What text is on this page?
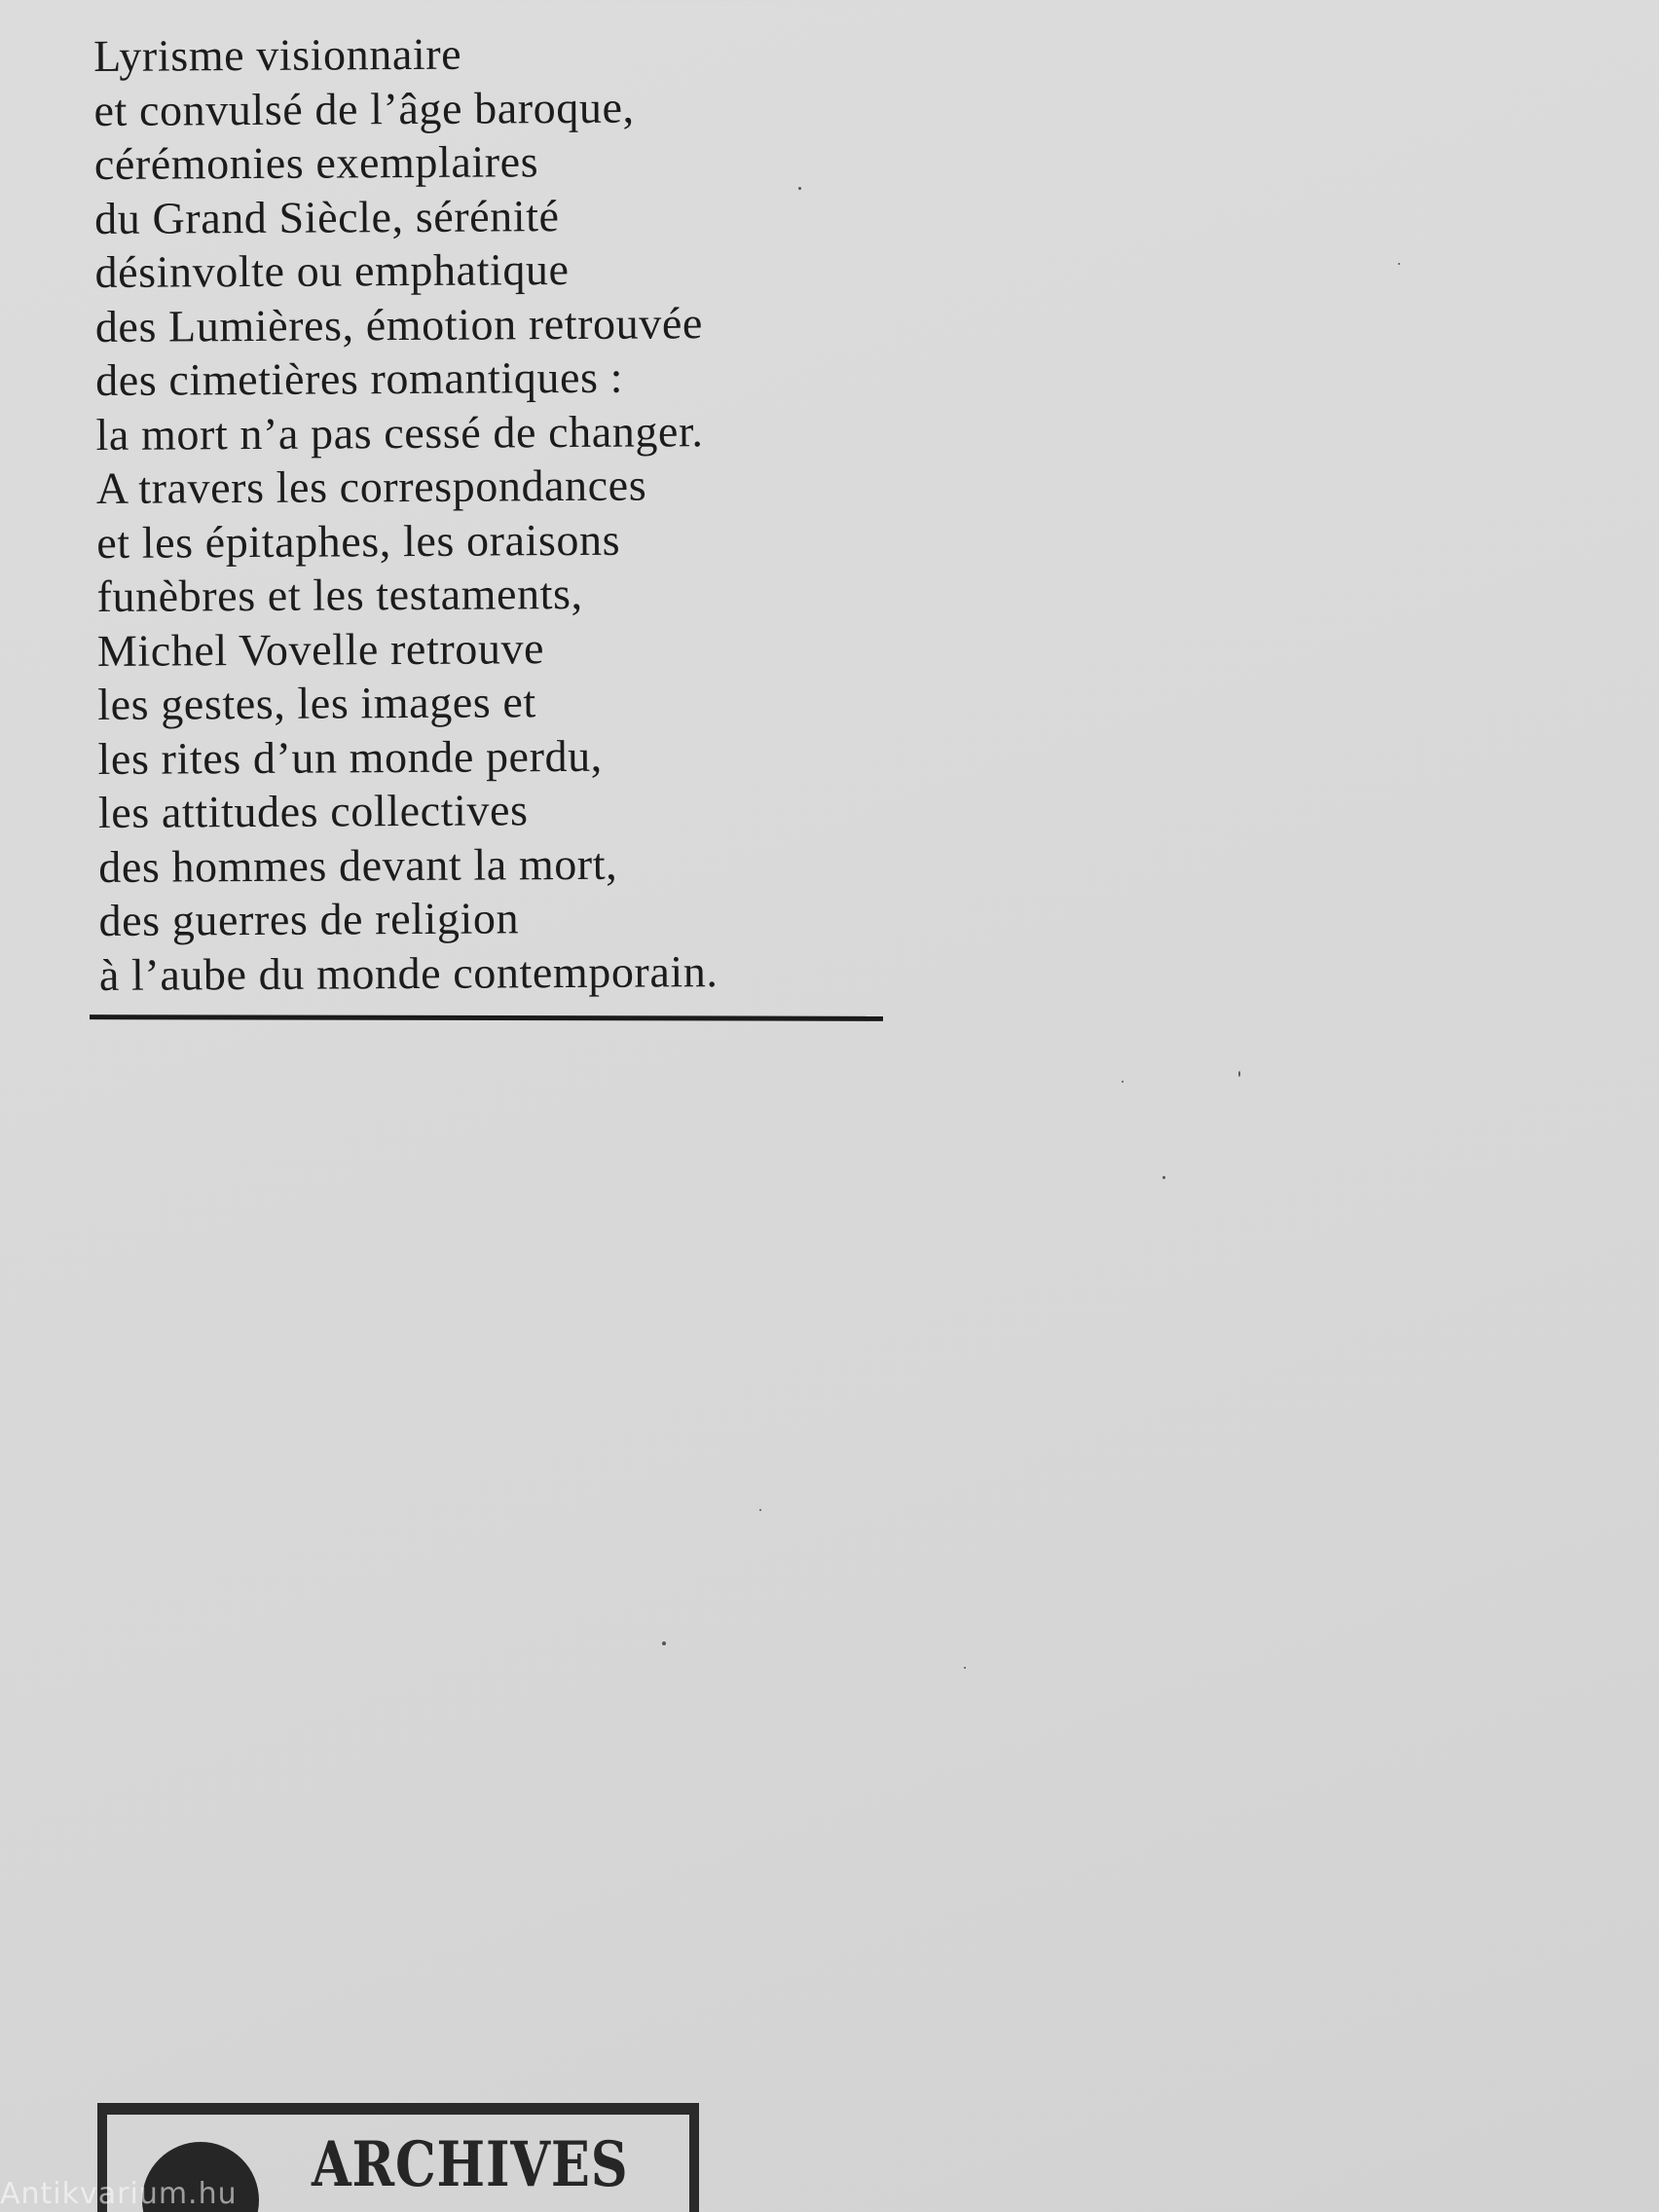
Lyrisme visionnaire
et convulsé de l’âge baroque,
cérémonies exemplaires
du Grand Siècle, sérénité
désinvolte ou emphatique
des Lumières, émotion retrouvée
des cimetières romantiques :
la mort n’a pas cessé de changer.
A travers les correspondances
et les épitaphes, les oraisons
funèbres et les testaments,
Michel Vovelle retrouve
les gestes, les images et
les rites d’un monde perdu,
les attitudes collectives
des hommes devant la mort,
des guerres de religion
à l’aube du monde contemporain.
ARCHIVES
Antikvarium.hu
